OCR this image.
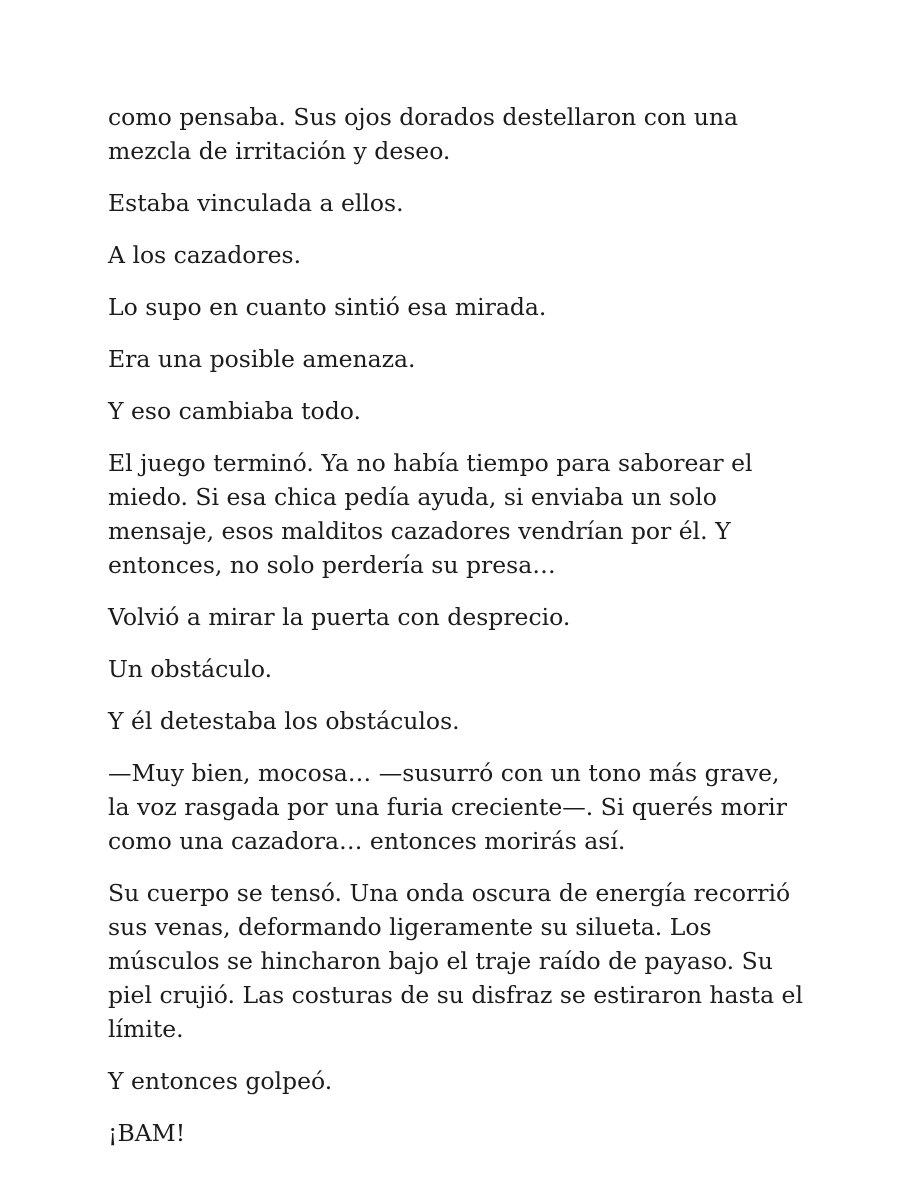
como pensaba. Sus ojos dorados destellaron con una mezcla de irritación y deseo.

Estaba vinculada a ellos.

A los cazadores.

Lo supo en cuanto sintió esa mirada.

Era una posible amenaza.

Y eso cambiaba todo.

El juego terminó. Ya no había tiempo para saborear el miedo. Si esa chica pedía ayuda, si enviaba un solo mensaje, esos malditos cazadores vendrían por él. Y entonces, no solo perdería su presa…

Volvió a mirar la puerta con desprecio.

Un obstáculo.

Y él detestaba los obstáculos.

—Muy bien, mocosa… —susurró con un tono más grave, la voz rasgada por una furia creciente—. Si querés morir como una cazadora… entonces morirás así.

Su cuerpo se tensó. Una onda oscura de energía recorrió sus venas, deformando ligeramente su silueta. Los músculos se hincharon bajo el traje raído de payaso. Su piel crujió. Las costuras de su disfraz se estiraron hasta el límite.

Y entonces golpeó.

¡BAM!
